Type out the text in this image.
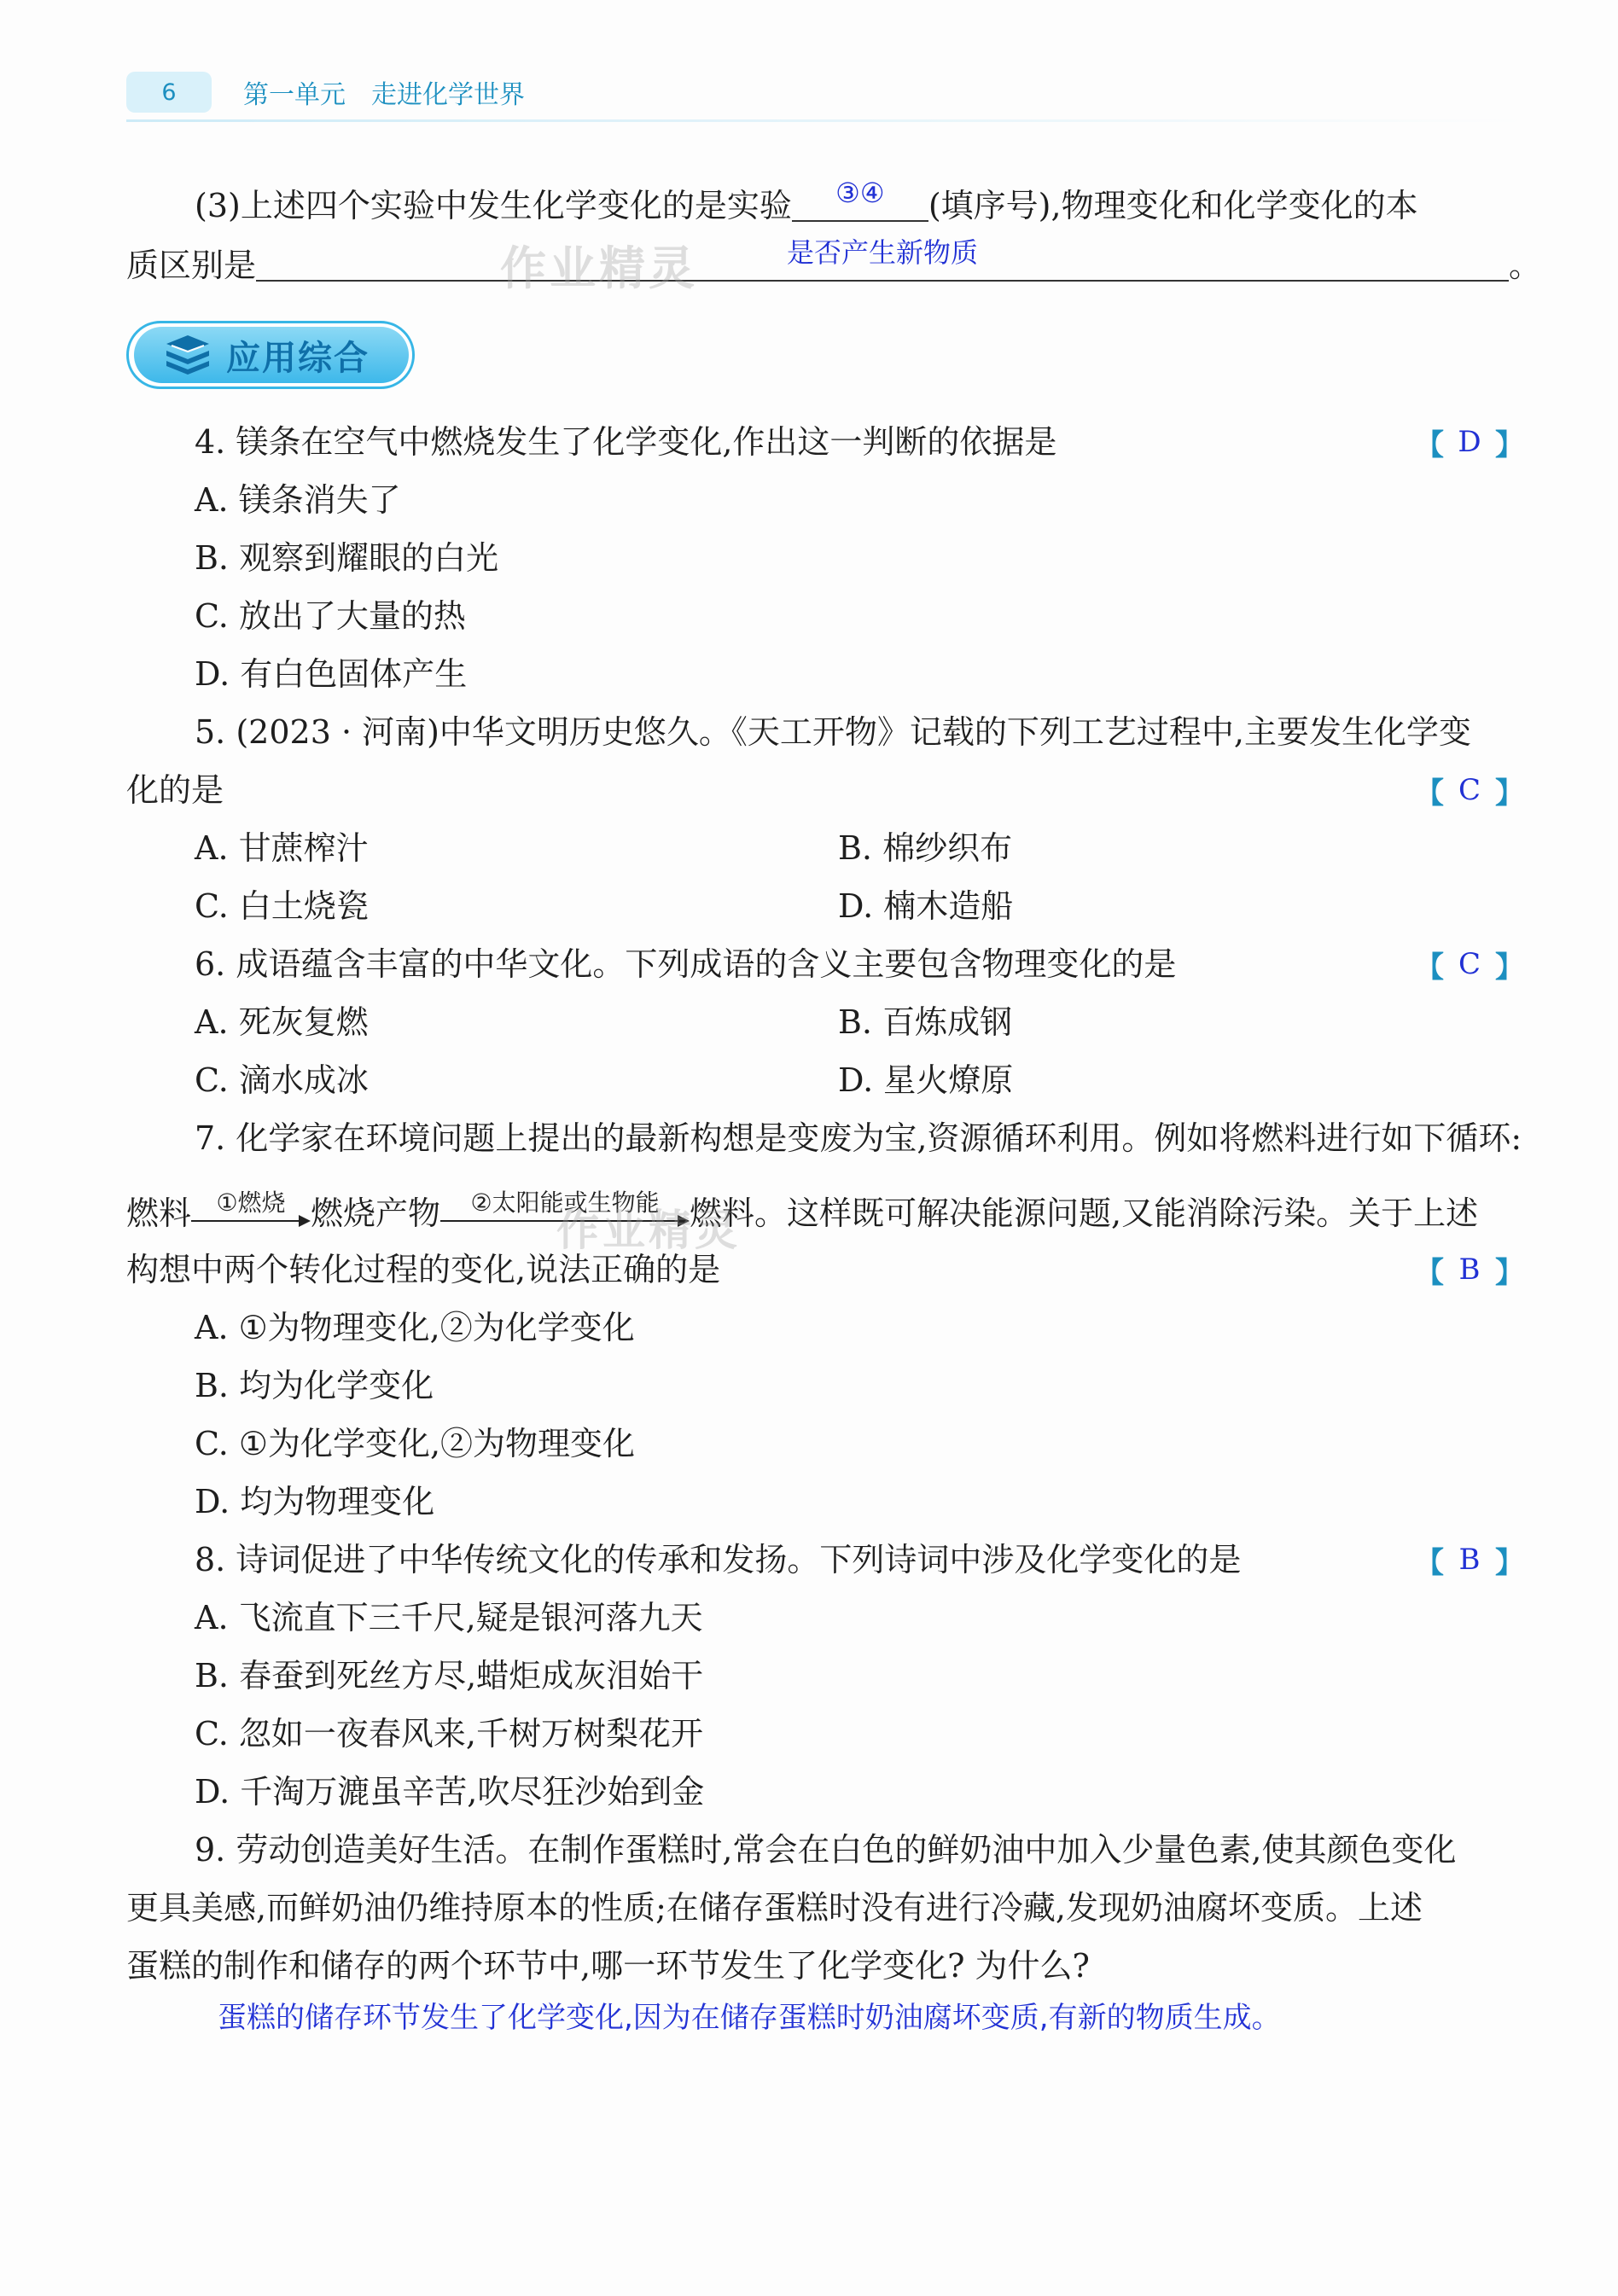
6	第一单元 走进化学世界
(3)上述四个实验中发生化学变化的是实验	③④	(填序号),物理变化和化学变化的本
质区别是	是否产生新物质	。
作业精灵
应用综合
4. 镁条在空气中燃烧发生了化学变化,作出这一判断的依据是	【 D 】
A. 镁条消失了
B. 观察到耀眼的白光
C. 放出了大量的热
D. 有白色固体产生
5. (2023 · 河南)中华文明历史悠久。《天工开物》记载的下列工艺过程中,主要发生化学变
化的是	【 C 】
A. 甘蔗榨汁	B. 棉纱织布
C. 白土烧瓷	D. 楠木造船
6. 成语蕴含丰富的中华文化。下列成语的含义主要包含物理变化的是	【 C 】
A. 死灰复燃	B. 百炼成钢
C. 滴水成冰	D. 星火燎原
7. 化学家在环境问题上提出的最新构想是变废为宝,资源循环利用。例如将燃料进行如下循环:
燃料	①燃烧 燃烧产物	②太阳能或生物能 燃料。这样既可解决能源问题,又能消除污染。关于上述
作业精灵
构想中两个转化过程的变化,说法正确的是	【 B 】
A. ①为物理变化,②为化学变化
B. 均为化学变化
C. ①为化学变化,②为物理变化
D. 均为物理变化
8. 诗词促进了中华传统文化的传承和发扬。下列诗词中涉及化学变化的是	【 B 】
A. 飞流直下三千尺,疑是银河落九天
B. 春蚕到死丝方尽,蜡炬成灰泪始干
C. 忽如一夜春风来,千树万树梨花开
D. 千淘万漉虽辛苦,吹尽狂沙始到金
9. 劳动创造美好生活。在制作蛋糕时,常会在白色的鲜奶油中加入少量色素,使其颜色变化
更具美感,而鲜奶油仍维持原本的性质;在储存蛋糕时没有进行冷藏,发现奶油腐坏变质。上述
蛋糕的制作和储存的两个环节中,哪一环节发生了化学变化? 为什么?
蛋糕的储存环节发生了化学变化,因为在储存蛋糕时奶油腐坏变质,有新的物质生成。
